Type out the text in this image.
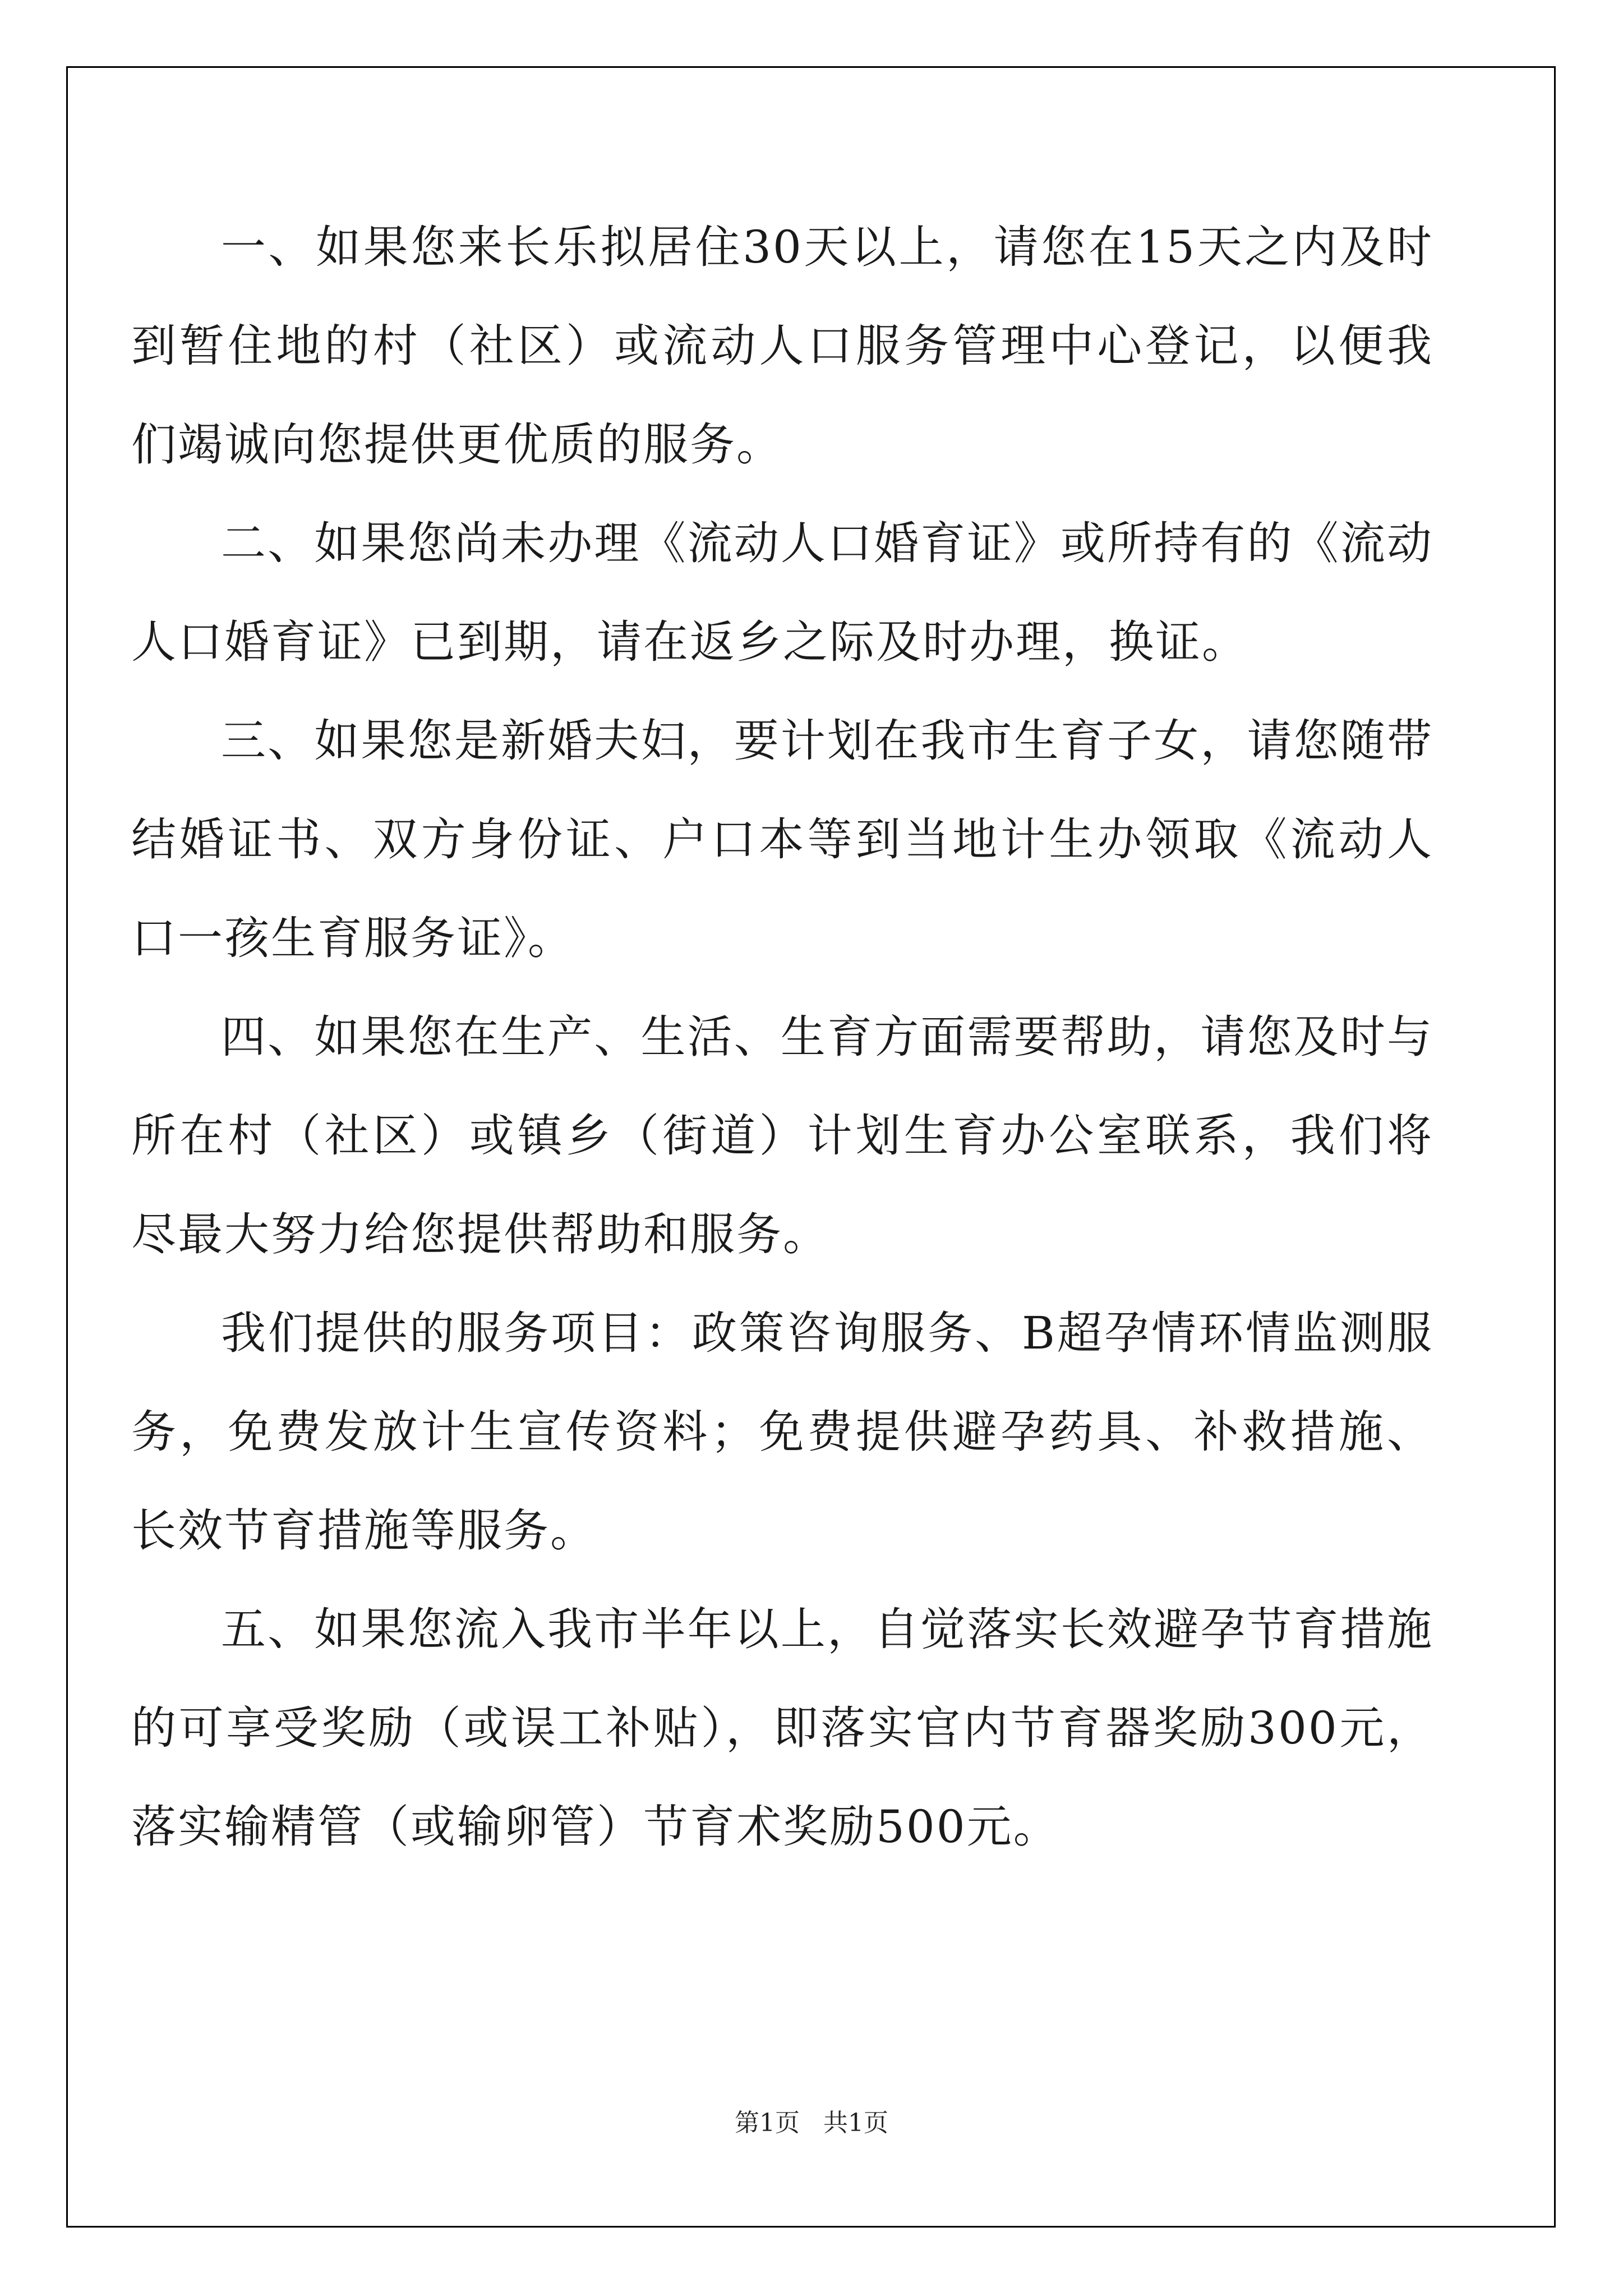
一、如果您来长乐拟居住30天以上，请您在15天之内及时到暂住地的村（社区）或流动人口服务管理中心登记，以便我们竭诚向您提供更优质的服务。

二、如果您尚未办理《流动人口婚育证》或所持有的《流动人口婚育证》已到期，请在返乡之际及时办理，换证。

三、如果您是新婚夫妇，要计划在我市生育子女，请您随带结婚证书、双方身份证、户口本等到当地计生办领取《流动人口一孩生育服务证》。

四、如果您在生产、生活、生育方面需要帮助，请您及时与所在村（社区）或镇乡（街道）计划生育办公室联系，我们将尽最大努力给您提供帮助和服务。

我们提供的服务项目：政策咨询服务、B超孕情环情监测服务，免费发放计生宣传资料；免费提供避孕药具、补救措施、长效节育措施等服务。

五、如果您流入我市半年以上，自觉落实长效避孕节育措施的可享受奖励（或误工补贴），即落实官内节育器奖励300元，落实输精管（或输卵管）节育术奖励500元。

第1页   共1页
